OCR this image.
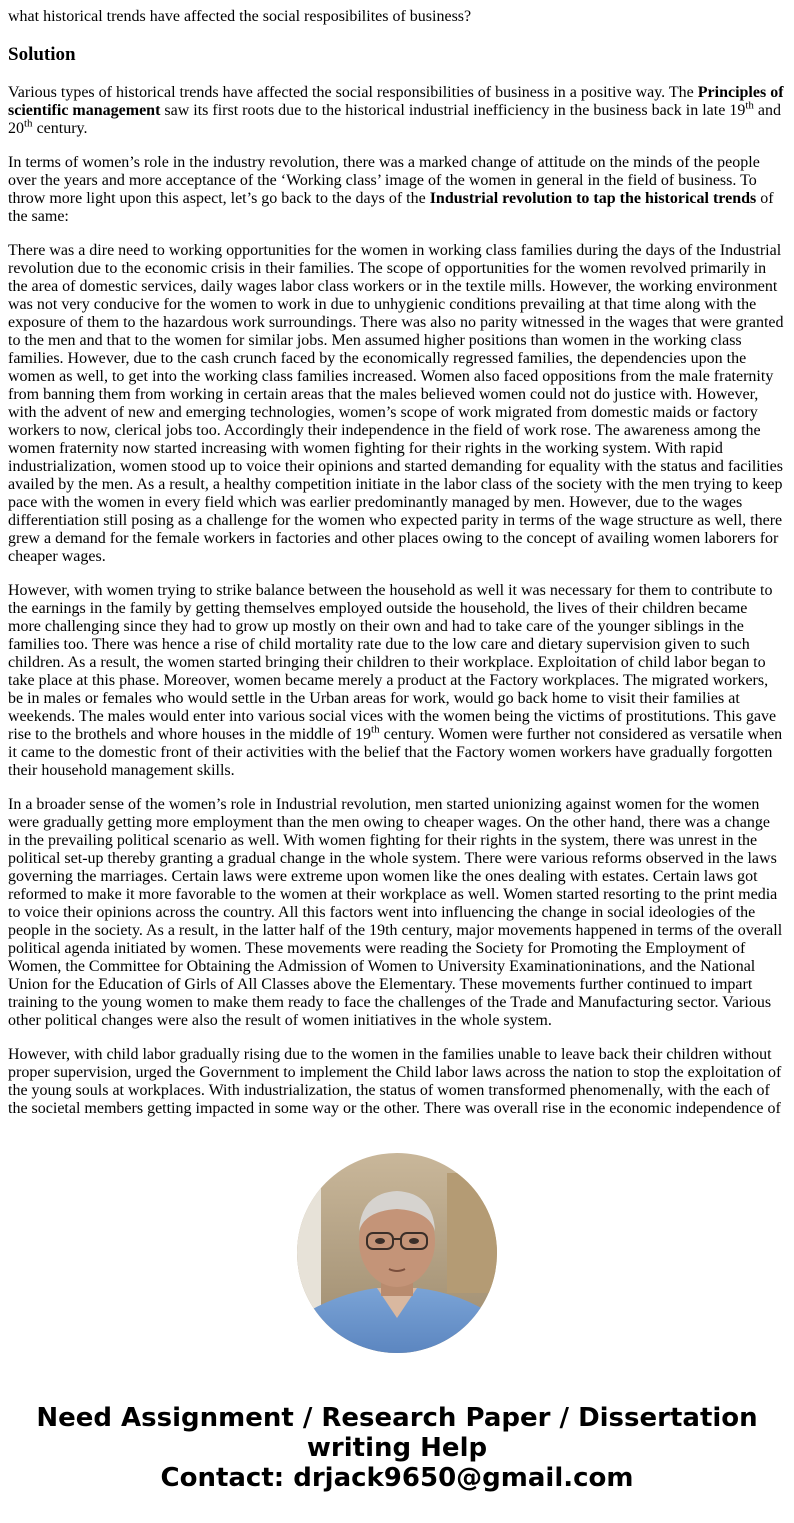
what historical trends have affected the social resposibilites of business?
Solution

Various types of historical trends have affected the social responsibilities of business in a positive way. The Principles of scientific management saw its first roots due to the historical industrial inefficiency in the business back in late 19th and 20th century.

In terms of women’s role in the industry revolution, there was a marked change of attitude on the minds of the people over the years and more acceptance of the ‘Working class’ image of the women in general in the field of business. To throw more light upon this aspect, let’s go back to the days of the Industrial revolution to tap the historical trends of the same:

There was a dire need to working opportunities for the women in working class families during the days of the Industrial revolution due to the economic crisis in their families. The scope of opportunities for the women revolved primarily in the area of domestic services, daily wages labor class workers or in the textile mills. However, the working environment was not very conducive for the women to work in due to unhygienic conditions prevailing at that time along with the exposure of them to the hazardous work surroundings. There was also no parity witnessed in the wages that were granted to the men and that to the women for similar jobs. Men assumed higher positions than women in the working class families. However, due to the cash crunch faced by the economically regressed families, the dependencies upon the women as well, to get into the working class families increased. Women also faced oppositions from the male fraternity from banning them from working in certain areas that the males believed women could not do justice with. However, with the advent of new and emerging technologies, women’s scope of work migrated from domestic maids or factory workers to now, clerical jobs too. Accordingly their independence in the field of work rose. The awareness among the women fraternity now started increasing with women fighting for their rights in the working system. With rapid industrialization, women stood up to voice their opinions and started demanding for equality with the status and facilities availed by the men. As a result, a healthy competition initiate in the labor class of the society with the men trying to keep pace with the women in every field which was earlier predominantly managed by men. However, due to the wages differentiation still posing as a challenge for the women who expected parity in terms of the wage structure as well, there grew a demand for the female workers in factories and other places owing to the concept of availing women laborers for cheaper wages.

However, with women trying to strike balance between the household as well it was necessary for them to contribute to the earnings in the family by getting themselves employed outside the household, the lives of their children became more challenging since they had to grow up mostly on their own and had to take care of the younger siblings in the families too. There was hence a rise of child mortality rate due to the low care and dietary supervision given to such children. As a result, the women started bringing their children to their workplace. Exploitation of child labor began to take place at this phase. Moreover, women became merely a product at the Factory workplaces. The migrated workers, be in males or females who would settle in the Urban areas for work, would go back home to visit their families at weekends. The males would enter into various social vices with the women being the victims of prostitutions. This gave rise to the brothels and whore houses in the middle of 19th century. Women were further not considered as versatile when it came to the domestic front of their activities with the belief that the Factory women workers have gradually forgotten their household management skills.

In a broader sense of the women’s role in Industrial revolution, men started unionizing against women for the women were gradually getting more employment than the men owing to cheaper wages. On the other hand, there was a change in the prevailing political scenario as well. With women fighting for their rights in the system, there was unrest in the political set-up thereby granting a gradual change in the whole system. There were various reforms observed in the laws governing the marriages. Certain laws were extreme upon women like the ones dealing with estates. Certain laws got reformed to make it more favorable to the women at their workplace as well. Women started resorting to the print media to voice their opinions across the country. All this factors went into influencing the change in social ideologies of the people in the society. As a result, in the latter half of the 19th century, major movements happened in terms of the overall political agenda initiated by women. These movements were reading the Society for Promoting the Employment of Women, the Committee for Obtaining the Admission of Women to University Examinationinations, and the National Union for the Education of Girls of All Classes above the Elementary. These movements further continued to impart training to the young women to make them ready to face the challenges of the Trade and Manufacturing sector. Various other political changes were also the result of women initiatives in the whole system.

However, with child labor gradually rising due to the women in the families unable to leave back their children without proper supervision, urged the Government to implement the Child labor laws across the nation to stop the exploitation of the young souls at workplaces. With industrialization, the status of women transformed phenomenally, with the each of the societal members getting impacted in some way or the other. There was overall rise in the economic independence of

Need Assignment / Research Paper / Dissertation
writing Help
Contact: drjack9650@gmail.com
